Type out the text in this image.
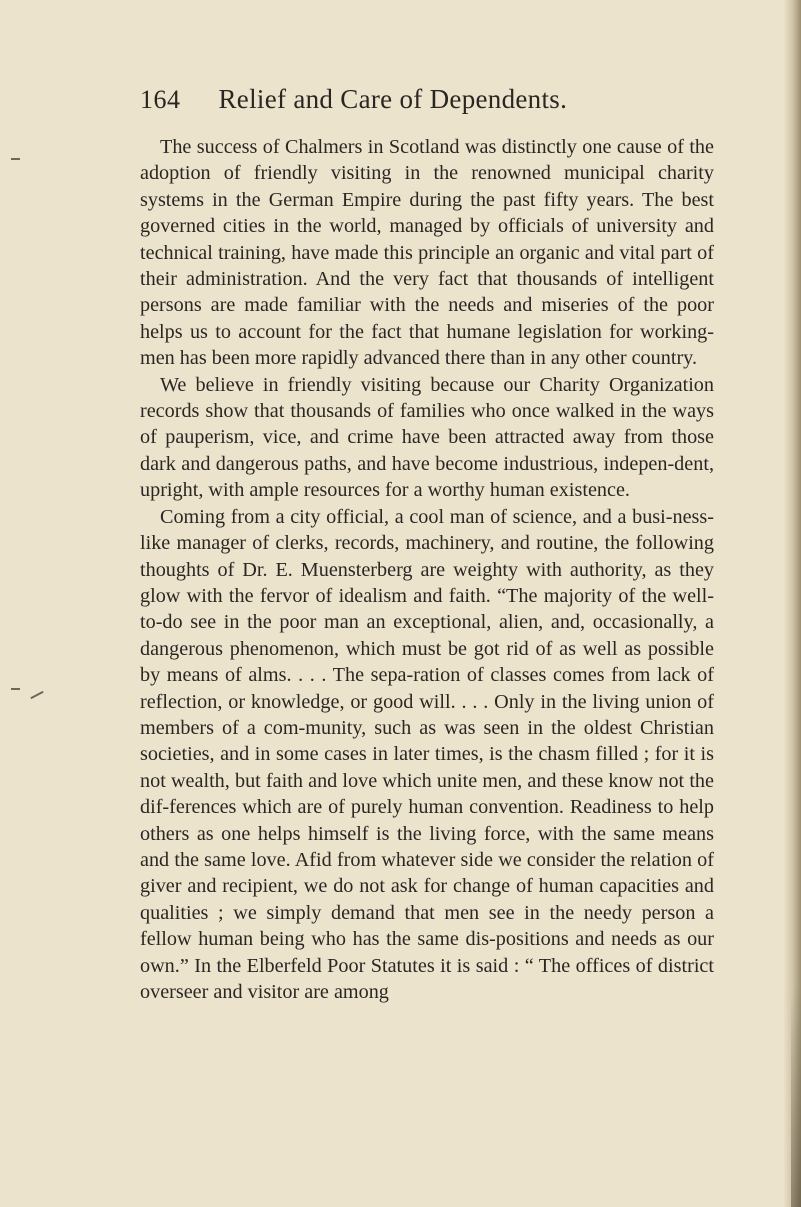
164 Relief and Care of Dependents.

The success of Chalmers in Scotland was distinctly one cause of the adoption of friendly visiting in the renowned municipal charity systems in the German Empire during the past fifty years. The best governed cities in the world, managed by officials of university and technical training, have made this principle an organic and vital part of their administration. And the very fact that thousands of intelligent persons are made familiar with the needs and miseries of the poor helps us to account for the fact that humane legislation for working-men has been more rapidly advanced there than in any other country.

We believe in friendly visiting because our Charity Organization records show that thousands of families who once walked in the ways of pauperism, vice, and crime have been attracted away from those dark and dangerous paths, and have become industrious, indepen-dent, upright, with ample resources for a worthy human existence.

Coming from a city official, a cool man of science, and a busi-ness-like manager of clerks, records, machinery, and routine, the following thoughts of Dr. E. Muensterberg are weighty with authority, as they glow with the fervor of idealism and faith. “The majority of the well-to-do see in the poor man an exceptional, alien, and, occasionally, a dangerous phenomenon, which must be got rid of as well as possible by means of alms. . . . The sepa-ration of classes comes from lack of reflection, or knowledge, or good will. . . . Only in the living union of members of a com-munity, such as was seen in the oldest Christian societies, and in some cases in later times, is the chasm filled ; for it is not wealth, but faith and love which unite men, and these know not the dif-ferences which are of purely human convention. Readiness to help others as one helps himself is the living force, with the same means and the same love. Afid from whatever side we consider the relation of giver and recipient, we do not ask for change of human capacities and qualities ; we simply demand that men see in the needy person a fellow human being who has the same dis-positions and needs as our own.” In the Elberfeld Poor Statutes it is said : “ The offices of district overseer and visitor are among
